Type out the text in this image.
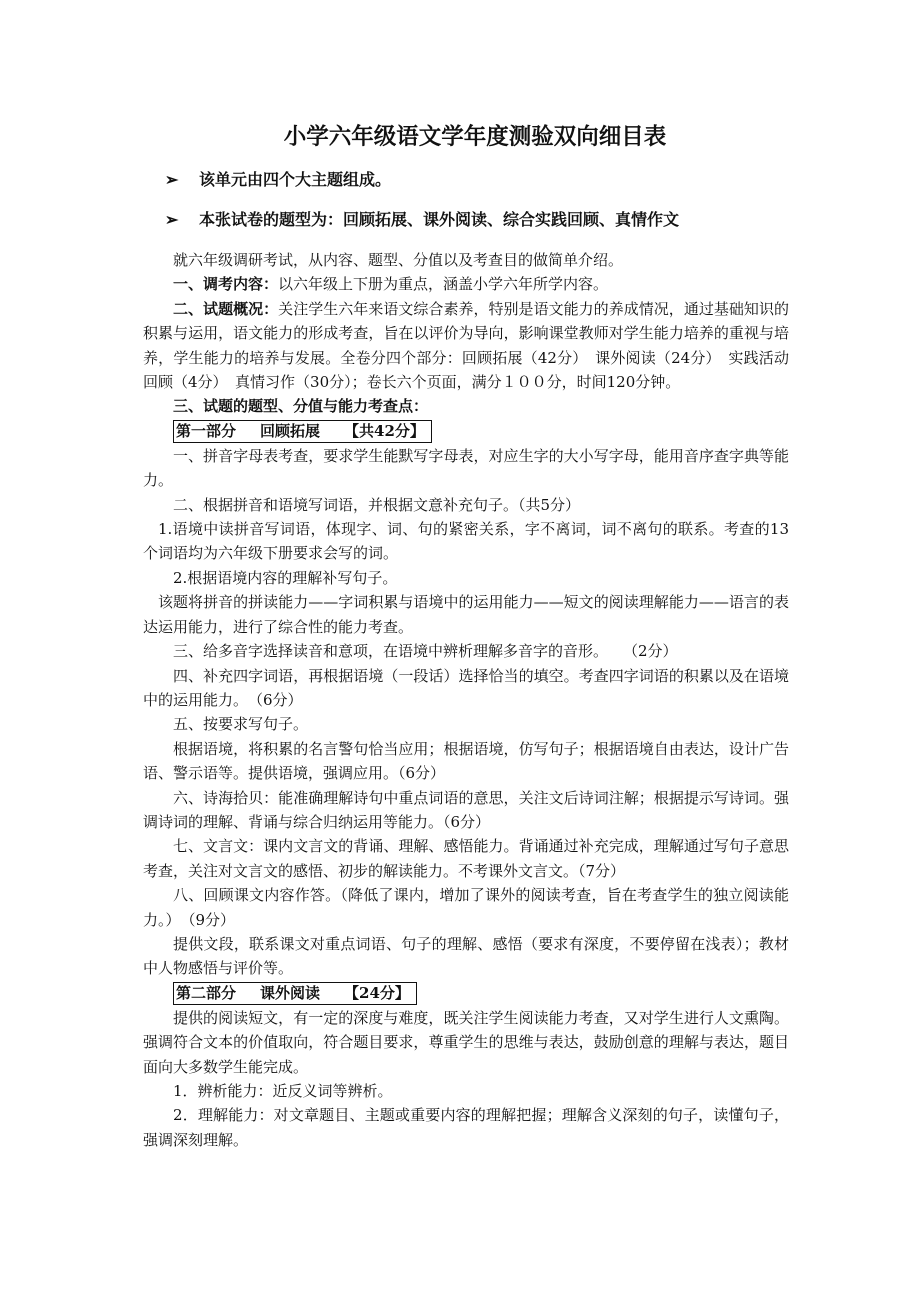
小学六年级语文学年度测验双向细目表
➢ 该单元由四个大主题组成。
➢ 本张试卷的题型为：回顾拓展、课外阅读、综合实践回顾、真情作文

就六年级调研考试，从内容、题型、分值以及考查目的做简单介绍。

一、调考内容：以六年级上下册为重点，涵盖小学六年所学内容。

二、试题概况：关注学生六年来语文综合素养，特别是语文能力的养成情况，通过基础知识的积累与运用，语文能力的形成考查，旨在以评价为导向，影响课堂教师对学生能力培养的重视与培养，学生能力的培养与发展。全卷分四个部分：回顾拓展（42分）　课外阅读（24分）　实践活动回顾（4分）　真情习作（30分）；卷长六个页面，满分１００分，时间120分钟。

三、试题的题型、分值与能力考查点：

第一部分 回顾拓展 【共42分】

一、拼音字母表考查，要求学生能默写字母表，对应生字的大小写字母，能用音序查字典等能力。

二、根据拼音和语境写词语，并根据文意补充句子。（共5分）

1.语境中读拼音写词语，体现字、词、句的紧密关系，字不离词，词不离句的联系。考查的13个词语均为六年级下册要求会写的词。

2.根据语境内容的理解补写句子。

该题将拼音的拼读能力——字词积累与语境中的运用能力——短文的阅读理解能力——语言的表达运用能力，进行了综合性的能力考查。

三、给多音字选择读音和意项，在语境中辨析理解多音字的音形。　　（2分）

四、补充四字词语，再根据语境（一段话）选择恰当的填空。考查四字词语的积累以及在语境中的运用能力。　（6分）

五、按要求写句子。

根据语境，将积累的名言警句恰当应用；根据语境，仿写句子；根据语境自由表达，设计广告语、警示语等。提供语境，强调应用。（6分）

六、诗海拾贝：能准确理解诗句中重点词语的意思，关注文后诗词注解；根据提示写诗词。强调诗词的理解、背诵与综合归纳运用等能力。（6分）

七、文言文：课内文言文的背诵、理解、感悟能力。背诵通过补充完成，理解通过写句子意思考查，关注对文言文的感悟、初步的解读能力。不考课外文言文。（7分）

八、回顾课文内容作答。（降低了课内，增加了课外的阅读考查，旨在考查学生的独立阅读能力。）　（9分）

提供文段，联系课文对重点词语、句子的理解、感悟（要求有深度，不要停留在浅表）；教材中人物感悟与评价等。

第二部分 课外阅读 【24分】

提供的阅读短文，有一定的深度与难度，既关注学生阅读能力考查，又对学生进行人文熏陶。强调符合文本的价值取向，符合题目要求，尊重学生的思维与表达，鼓励创意的理解与表达，题目面向大多数学生能完成。

1．辨析能力：近反义词等辨析。

2．理解能力：对文章题目、主题或重要内容的理解把握；理解含义深刻的句子，读懂句子，强调深刻理解。
